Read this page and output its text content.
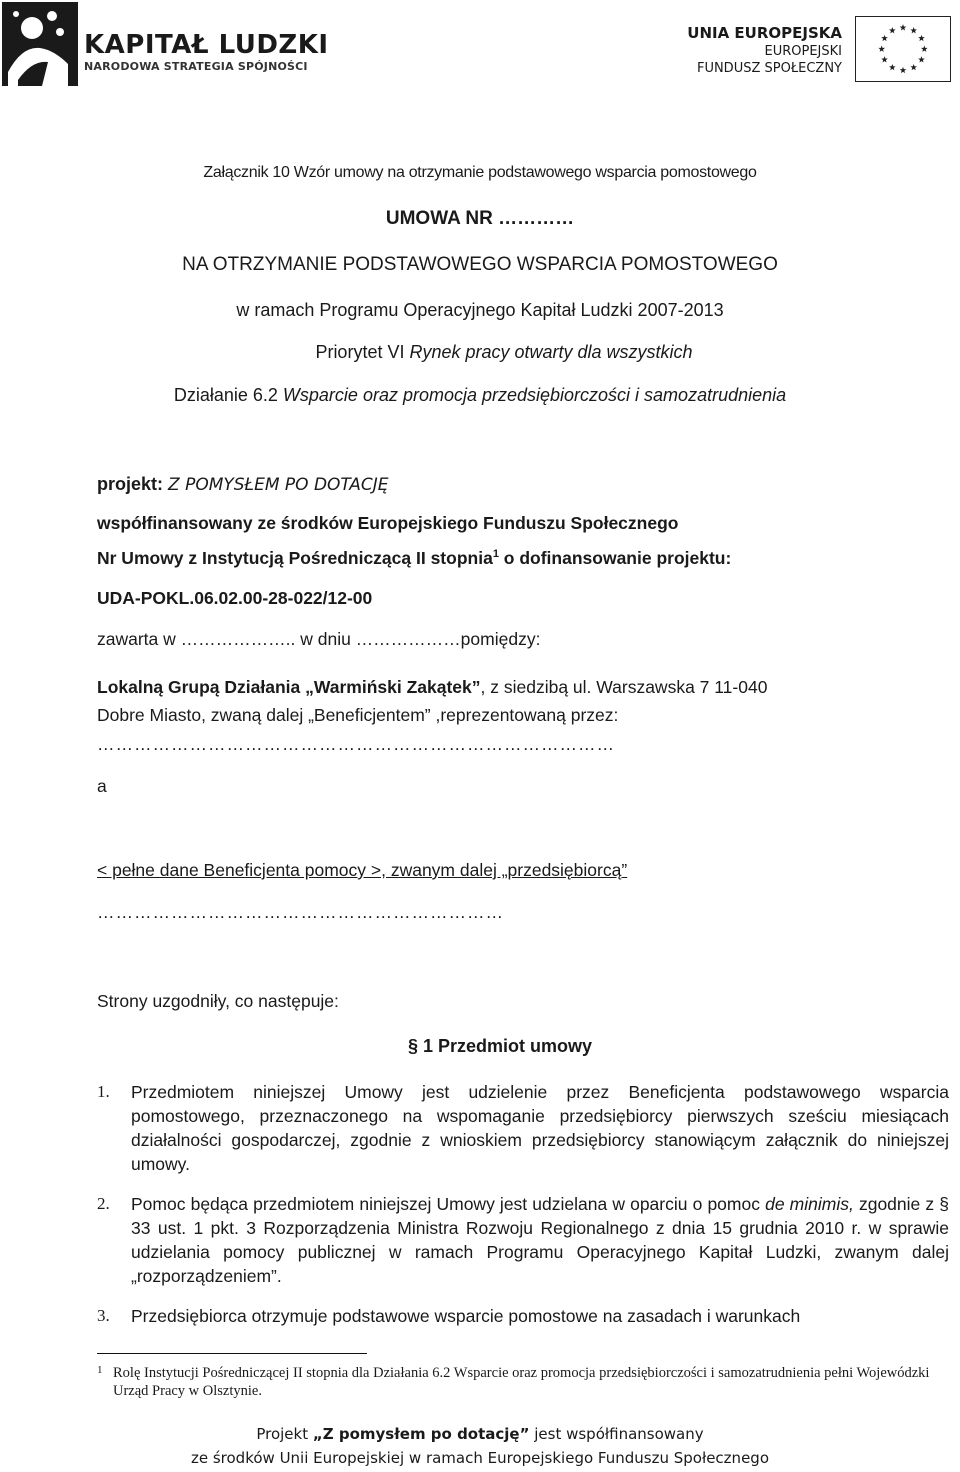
KAPITAŁ LUDZKI
NARODOWA STRATEGIA SPÓJNOŚCI
UNIA EUROPEJSKA
EUROPEJSKI
FUNDUSZ SPOŁECZNY
Załącznik 10 Wzór umowy na otrzymanie podstawowego wsparcia pomostowego
UMOWA NR …………
NA OTRZYMANIE PODSTAWOWEGO WSPARCIA POMOSTOWEGO
w ramach Programu Operacyjnego Kapitał Ludzki 2007-2013
Priorytet VI Rynek pracy otwarty dla wszystkich
Działanie 6.2 Wsparcie oraz promocja przedsiębiorczości i samozatrudnienia
projekt: Z POMYSŁEM PO DOTACJĘ
współfinansowany ze środków Europejskiego Funduszu Społecznego
Nr Umowy z Instytucją Pośredniczącą II stopnia$^1$ o dofinansowanie projektu:
UDA-POKL.06.02.00-28-022/12-00
zawarta w ……………….. w dniu ………………pomiędzy:
Lokalną Grupą Działania „Warmiński Zakątek”, z siedzibą ul. Warszawska 7 11-040
Dobre Miasto, zwaną dalej „Beneficjentem” ,reprezentowaną przez:
…………………………………………………………………………
a
< pełne dane Beneficjenta pomocy >, zwanym dalej „przedsiębiorcą”
…………………………………………………………
Strony uzgodniły, co następuje:
§ 1 Przedmiot umowy
1. Przedmiotem niniejszej Umowy jest udzielenie przez Beneficjenta podstawowego wsparcia pomostowego, przeznaczonego na wspomaganie przedsiębiorcy pierwszych sześciu miesiącach działalności gospodarczej, zgodnie z wnioskiem przedsiębiorcy stanowiącym załącznik do niniejszej umowy.
2. Pomoc będąca przedmiotem niniejszej Umowy jest udzielana w oparciu o pomoc de minimis, zgodnie z § 33 ust. 1 pkt. 3 Rozporządzenia Ministra Rozwoju Regionalnego z dnia 15 grudnia 2010 r. w sprawie udzielania pomocy publicznej w ramach Programu Operacyjnego Kapitał Ludzki, zwanym dalej „rozporządzeniem”.
3. Przedsiębiorca otrzymuje podstawowe wsparcie pomostowe na zasadach i warunkach
1 Rolę Instytucji Pośredniczącej II stopnia dla Działania 6.2 Wsparcie oraz promocja przedsiębiorczości i samozatrudnienia pełni Wojewódzki Urząd Pracy w Olsztynie.
Projekt „Z pomysłem po dotację” jest współfinansowany
ze środków Unii Europejskiej w ramach Europejskiego Funduszu Społecznego
